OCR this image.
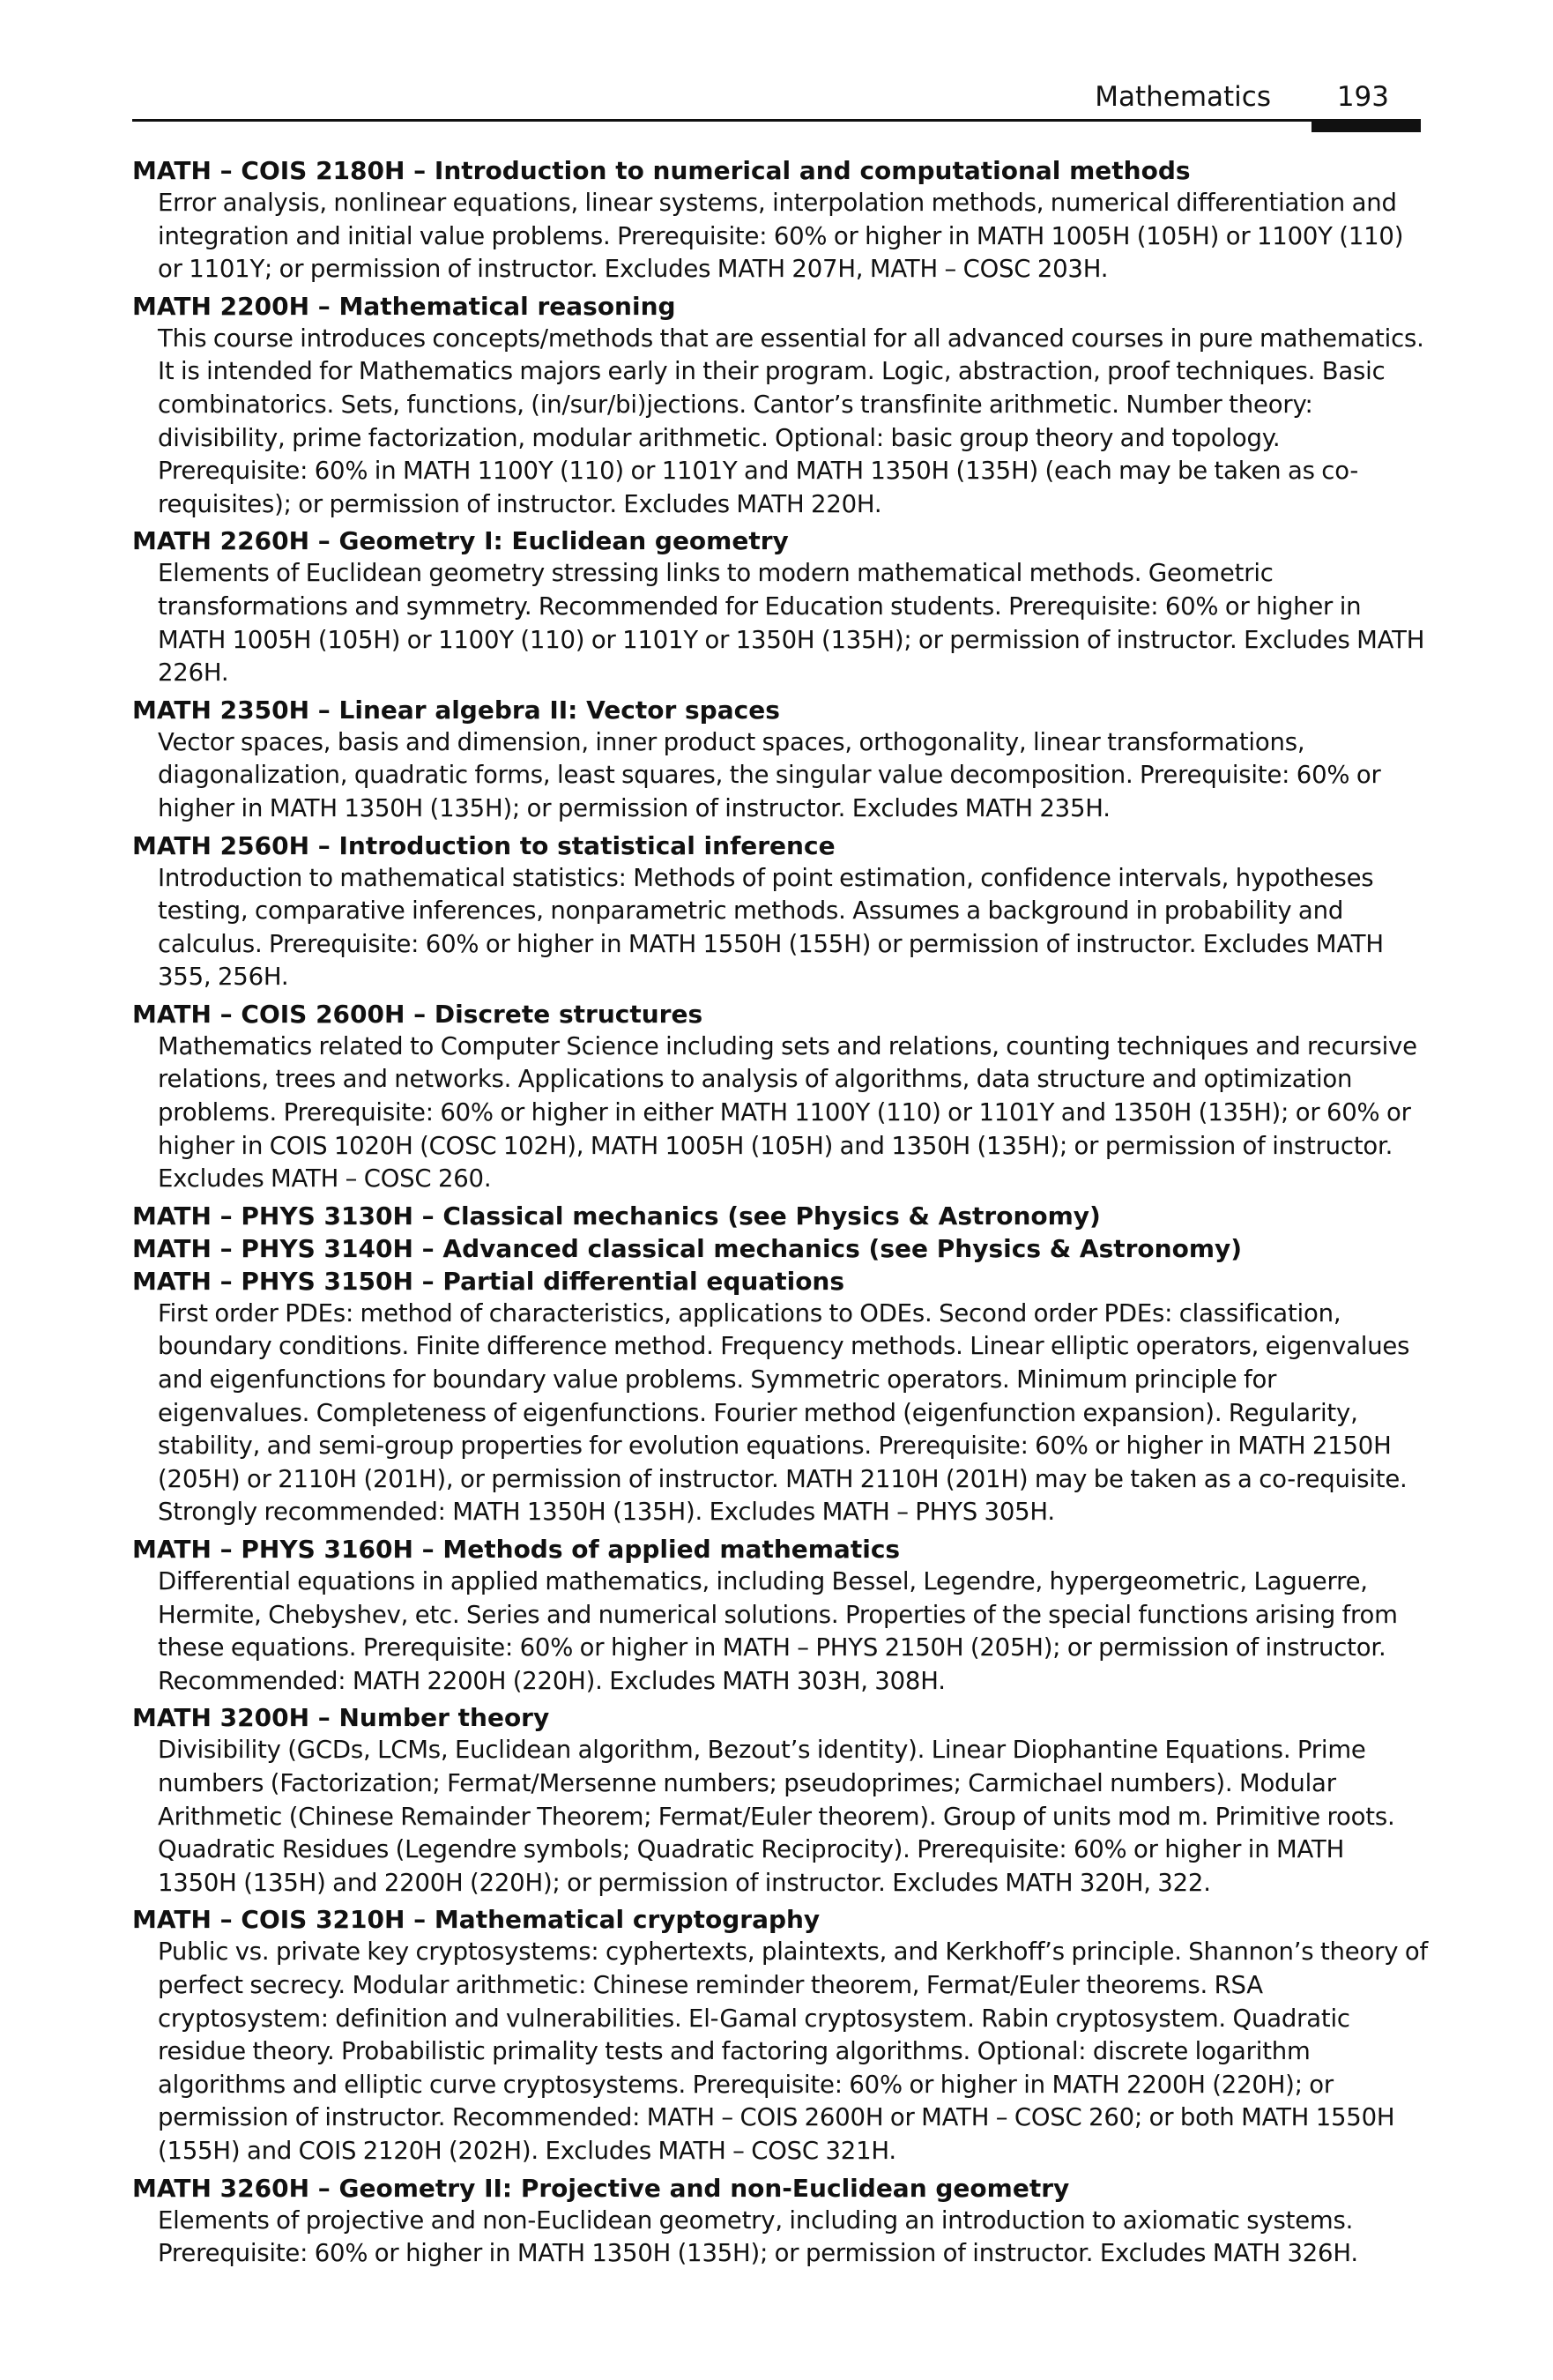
Mathematics 193

MATH – COIS 2180H – Introduction to numerical and computational methods

Error analysis, nonlinear equations, linear systems, interpolation methods, numerical differentiation and integration and initial value problems. Prerequisite: 60% or higher in MATH 1005H (105H) or 1100Y (110) or 1101Y; or permission of instructor. Excludes MATH 207H, MATH – COSC 203H.

MATH 2200H – Mathematical reasoning

This course introduces concepts/methods that are essential for all advanced courses in pure mathematics. It is intended for Mathematics majors early in their program. Logic, abstraction, proof techniques. Basic combinatorics. Sets, functions, (in/sur/bi)jections. Cantor’s transfinite arithmetic. Number theory: divisibility, prime factorization, modular arithmetic. Optional: basic group theory and topology. Prerequisite: 60% in MATH 1100Y (110) or 1101Y and MATH 1350H (135H) (each may be taken as co-requisites); or permission of instructor. Excludes MATH 220H.

MATH 2260H – Geometry I: Euclidean geometry

Elements of Euclidean geometry stressing links to modern mathematical methods. Geometric transformations and symmetry. Recommended for Education students. Prerequisite: 60% or higher in MATH 1005H (105H) or 1100Y (110) or 1101Y or 1350H (135H); or permission of instructor. Excludes MATH 226H.

MATH 2350H – Linear algebra II: Vector spaces

Vector spaces, basis and dimension, inner product spaces, orthogonality, linear transformations, diagonalization, quadratic forms, least squares, the singular value decomposition. Prerequisite: 60% or higher in MATH 1350H (135H); or permission of instructor. Excludes MATH 235H.

MATH 2560H – Introduction to statistical inference

Introduction to mathematical statistics: Methods of point estimation, confidence intervals, hypotheses testing, comparative inferences, nonparametric methods. Assumes a background in probability and calculus. Prerequisite: 60% or higher in MATH 1550H (155H) or permission of instructor. Excludes MATH 355, 256H.

MATH – COIS 2600H – Discrete structures

Mathematics related to Computer Science including sets and relations, counting techniques and recursive relations, trees and networks. Applications to analysis of algorithms, data structure and optimization problems. Prerequisite: 60% or higher in either MATH 1100Y (110) or 1101Y and 1350H (135H); or 60% or higher in COIS 1020H (COSC 102H), MATH 1005H (105H) and 1350H (135H); or permission of instructor. Excludes MATH – COSC 260.

MATH – PHYS 3130H – Classical mechanics (see Physics & Astronomy)

MATH – PHYS 3140H – Advanced classical mechanics (see Physics & Astronomy)

MATH – PHYS 3150H – Partial differential equations

First order PDEs: method of characteristics, applications to ODEs. Second order PDEs: classification, boundary conditions. Finite difference method. Frequency methods. Linear elliptic operators, eigenvalues and eigenfunctions for boundary value problems. Symmetric operators. Minimum principle for eigenvalues. Completeness of eigenfunctions. Fourier method (eigenfunction expansion). Regularity, stability, and semi-group properties for evolution equations. Prerequisite: 60% or higher in MATH 2150H (205H) or 2110H (201H), or permission of instructor. MATH 2110H (201H) may be taken as a co-requisite. Strongly recommended: MATH 1350H (135H). Excludes MATH – PHYS 305H.

MATH – PHYS 3160H – Methods of applied mathematics

Differential equations in applied mathematics, including Bessel, Legendre, hypergeometric, Laguerre, Hermite, Chebyshev, etc. Series and numerical solutions. Properties of the special functions arising from these equations. Prerequisite: 60% or higher in MATH – PHYS 2150H (205H); or permission of instructor. Recommended: MATH 2200H (220H). Excludes MATH 303H, 308H.

MATH 3200H – Number theory

Divisibility (GCDs, LCMs, Euclidean algorithm, Bezout’s identity). Linear Diophantine Equations. Prime numbers (Factorization; Fermat/Mersenne numbers; pseudoprimes; Carmichael numbers). Modular Arithmetic (Chinese Remainder Theorem; Fermat/Euler theorem). Group of units mod m. Primitive roots. Quadratic Residues (Legendre symbols; Quadratic Reciprocity). Prerequisite: 60% or higher in MATH 1350H (135H) and 2200H (220H); or permission of instructor. Excludes MATH 320H, 322.

MATH – COIS 3210H – Mathematical cryptography

Public vs. private key cryptosystems: cyphertexts, plaintexts, and Kerkhoff’s principle. Shannon’s theory of perfect secrecy. Modular arithmetic: Chinese reminder theorem, Fermat/Euler theorems. RSA cryptosystem: definition and vulnerabilities. El-Gamal cryptosystem. Rabin cryptosystem. Quadratic residue theory. Probabilistic primality tests and factoring algorithms. Optional: discrete logarithm algorithms and elliptic curve cryptosystems. Prerequisite: 60% or higher in MATH 2200H (220H); or permission of instructor. Recommended: MATH – COIS 2600H or MATH – COSC 260; or both MATH 1550H (155H) and COIS 2120H (202H). Excludes MATH – COSC 321H.

MATH 3260H – Geometry II: Projective and non-Euclidean geometry

Elements of projective and non-Euclidean geometry, including an introduction to axiomatic systems. Prerequisite: 60% or higher in MATH 1350H (135H); or permission of instructor. Excludes MATH 326H.
